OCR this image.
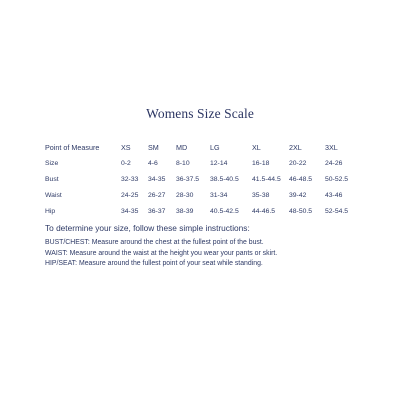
Womens Size Scale
Point of Measure	XS	SM	MD	LG	XL	2XL	3XL
Size	0-2	4-6	8-10	12-14	16-18	20-22	24-26
Bust	32-33	34-35	36-37.5	38.5-40.5	41.5-44.5	46-48.5	50-52.5
Waist	24-25	26-27	28-30	31-34	35-38	39-42	43-46
Hip	34-35	36-37	38-39	40.5-42.5	44-46.5	48-50.5	52-54.5

To determine your size, follow these simple instructions:

BUST/CHEST: Measure around the chest at the fullest point of the bust.

WAIST: Measure around the waist at the height you wear your pants or skirt.

HIP/SEAT: Measure around the fullest point of your seat while standing.
